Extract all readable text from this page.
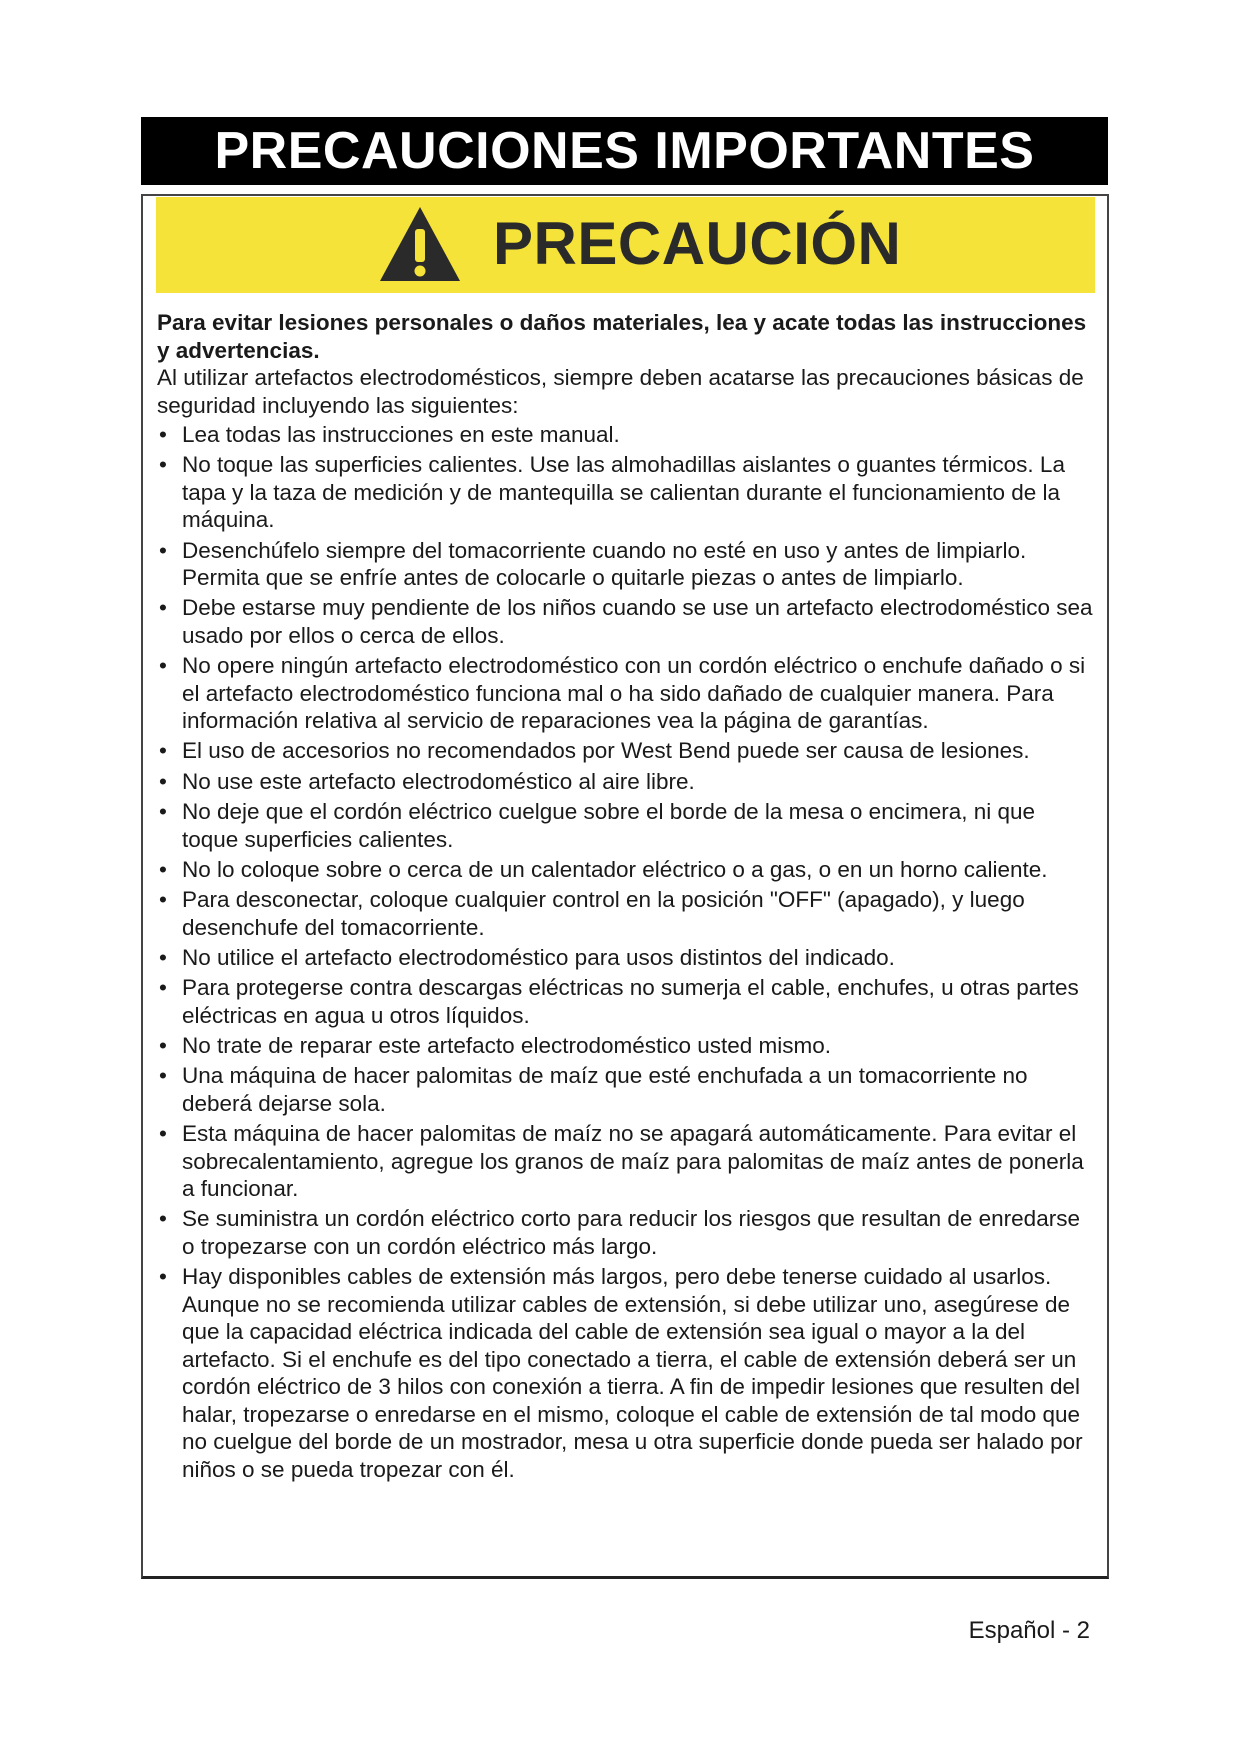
PRECAUCIONES IMPORTANTES
PRECAUCIÓN

Para evitar lesiones personales o daños materiales, lea y acate todas las instrucciones y advertencias.

Al utilizar artefactos electrodomésticos, siempre deben acatarse las precauciones básicas de seguridad incluyendo las siguientes:

• Lea todas las instrucciones en este manual.
• No toque las superficies calientes. Use las almohadillas aislantes o guantes térmicos. La tapa y la taza de medición y de mantequilla se calientan durante el funcionamiento de la máquina.
• Desenchúfelo siempre del tomacorriente cuando no esté en uso y antes de limpiarlo. Permita que se enfríe antes de colocarle o quitarle piezas o antes de limpiarlo.
• Debe estarse muy pendiente de los niños cuando se use un artefacto electrodoméstico sea usado por ellos o cerca de ellos.
• No opere ningún artefacto electrodoméstico con un cordón eléctrico o enchufe dañado o si el artefacto electrodoméstico funciona mal o ha sido dañado de cualquier manera. Para información relativa al servicio de reparaciones vea la página de garantías.
• El uso de accesorios no recomendados por West Bend puede ser causa de lesiones.
• No use este artefacto electrodoméstico al aire libre.
• No deje que el cordón eléctrico cuelgue sobre el borde de la mesa o encimera, ni que toque superficies calientes.
• No lo coloque sobre o cerca de un calentador eléctrico o a gas, o en un horno caliente.
• Para desconectar, coloque cualquier control en la posición "OFF" (apagado), y luego desenchufe del tomacorriente.
• No utilice el artefacto electrodoméstico para usos distintos del indicado.
• Para protegerse contra descargas eléctricas no sumerja el cable, enchufes, u otras partes eléctricas en agua u otros líquidos.
• No trate de reparar este artefacto electrodoméstico usted mismo.
• Una máquina de hacer palomitas de maíz que esté enchufada a un tomacorriente no deberá dejarse sola.
• Esta máquina de hacer palomitas de maíz no se apagará automáticamente. Para evitar el sobrecalentamiento, agregue los granos de maíz para palomitas de maíz antes de ponerla a funcionar.
• Se suministra un cordón eléctrico corto para reducir los riesgos que resultan de enredarse o tropezarse con un cordón eléctrico más largo.
• Hay disponibles cables de extensión más largos, pero debe tenerse cuidado al usarlos. Aunque no se recomienda utilizar cables de extensión, si debe utilizar uno, asegúrese de que la capacidad eléctrica indicada del cable de extensión sea igual o mayor a la del artefacto. Si el enchufe es del tipo conectado a tierra, el cable de extensión deberá ser un cordón eléctrico de 3 hilos con conexión a tierra. A fin de impedir lesiones que resulten del halar, tropezarse o enredarse en el mismo, coloque el cable de extensión de tal modo que no cuelgue del borde de un mostrador, mesa u otra superficie donde pueda ser halado por niños o se pueda tropezar con él.
Español - 2
